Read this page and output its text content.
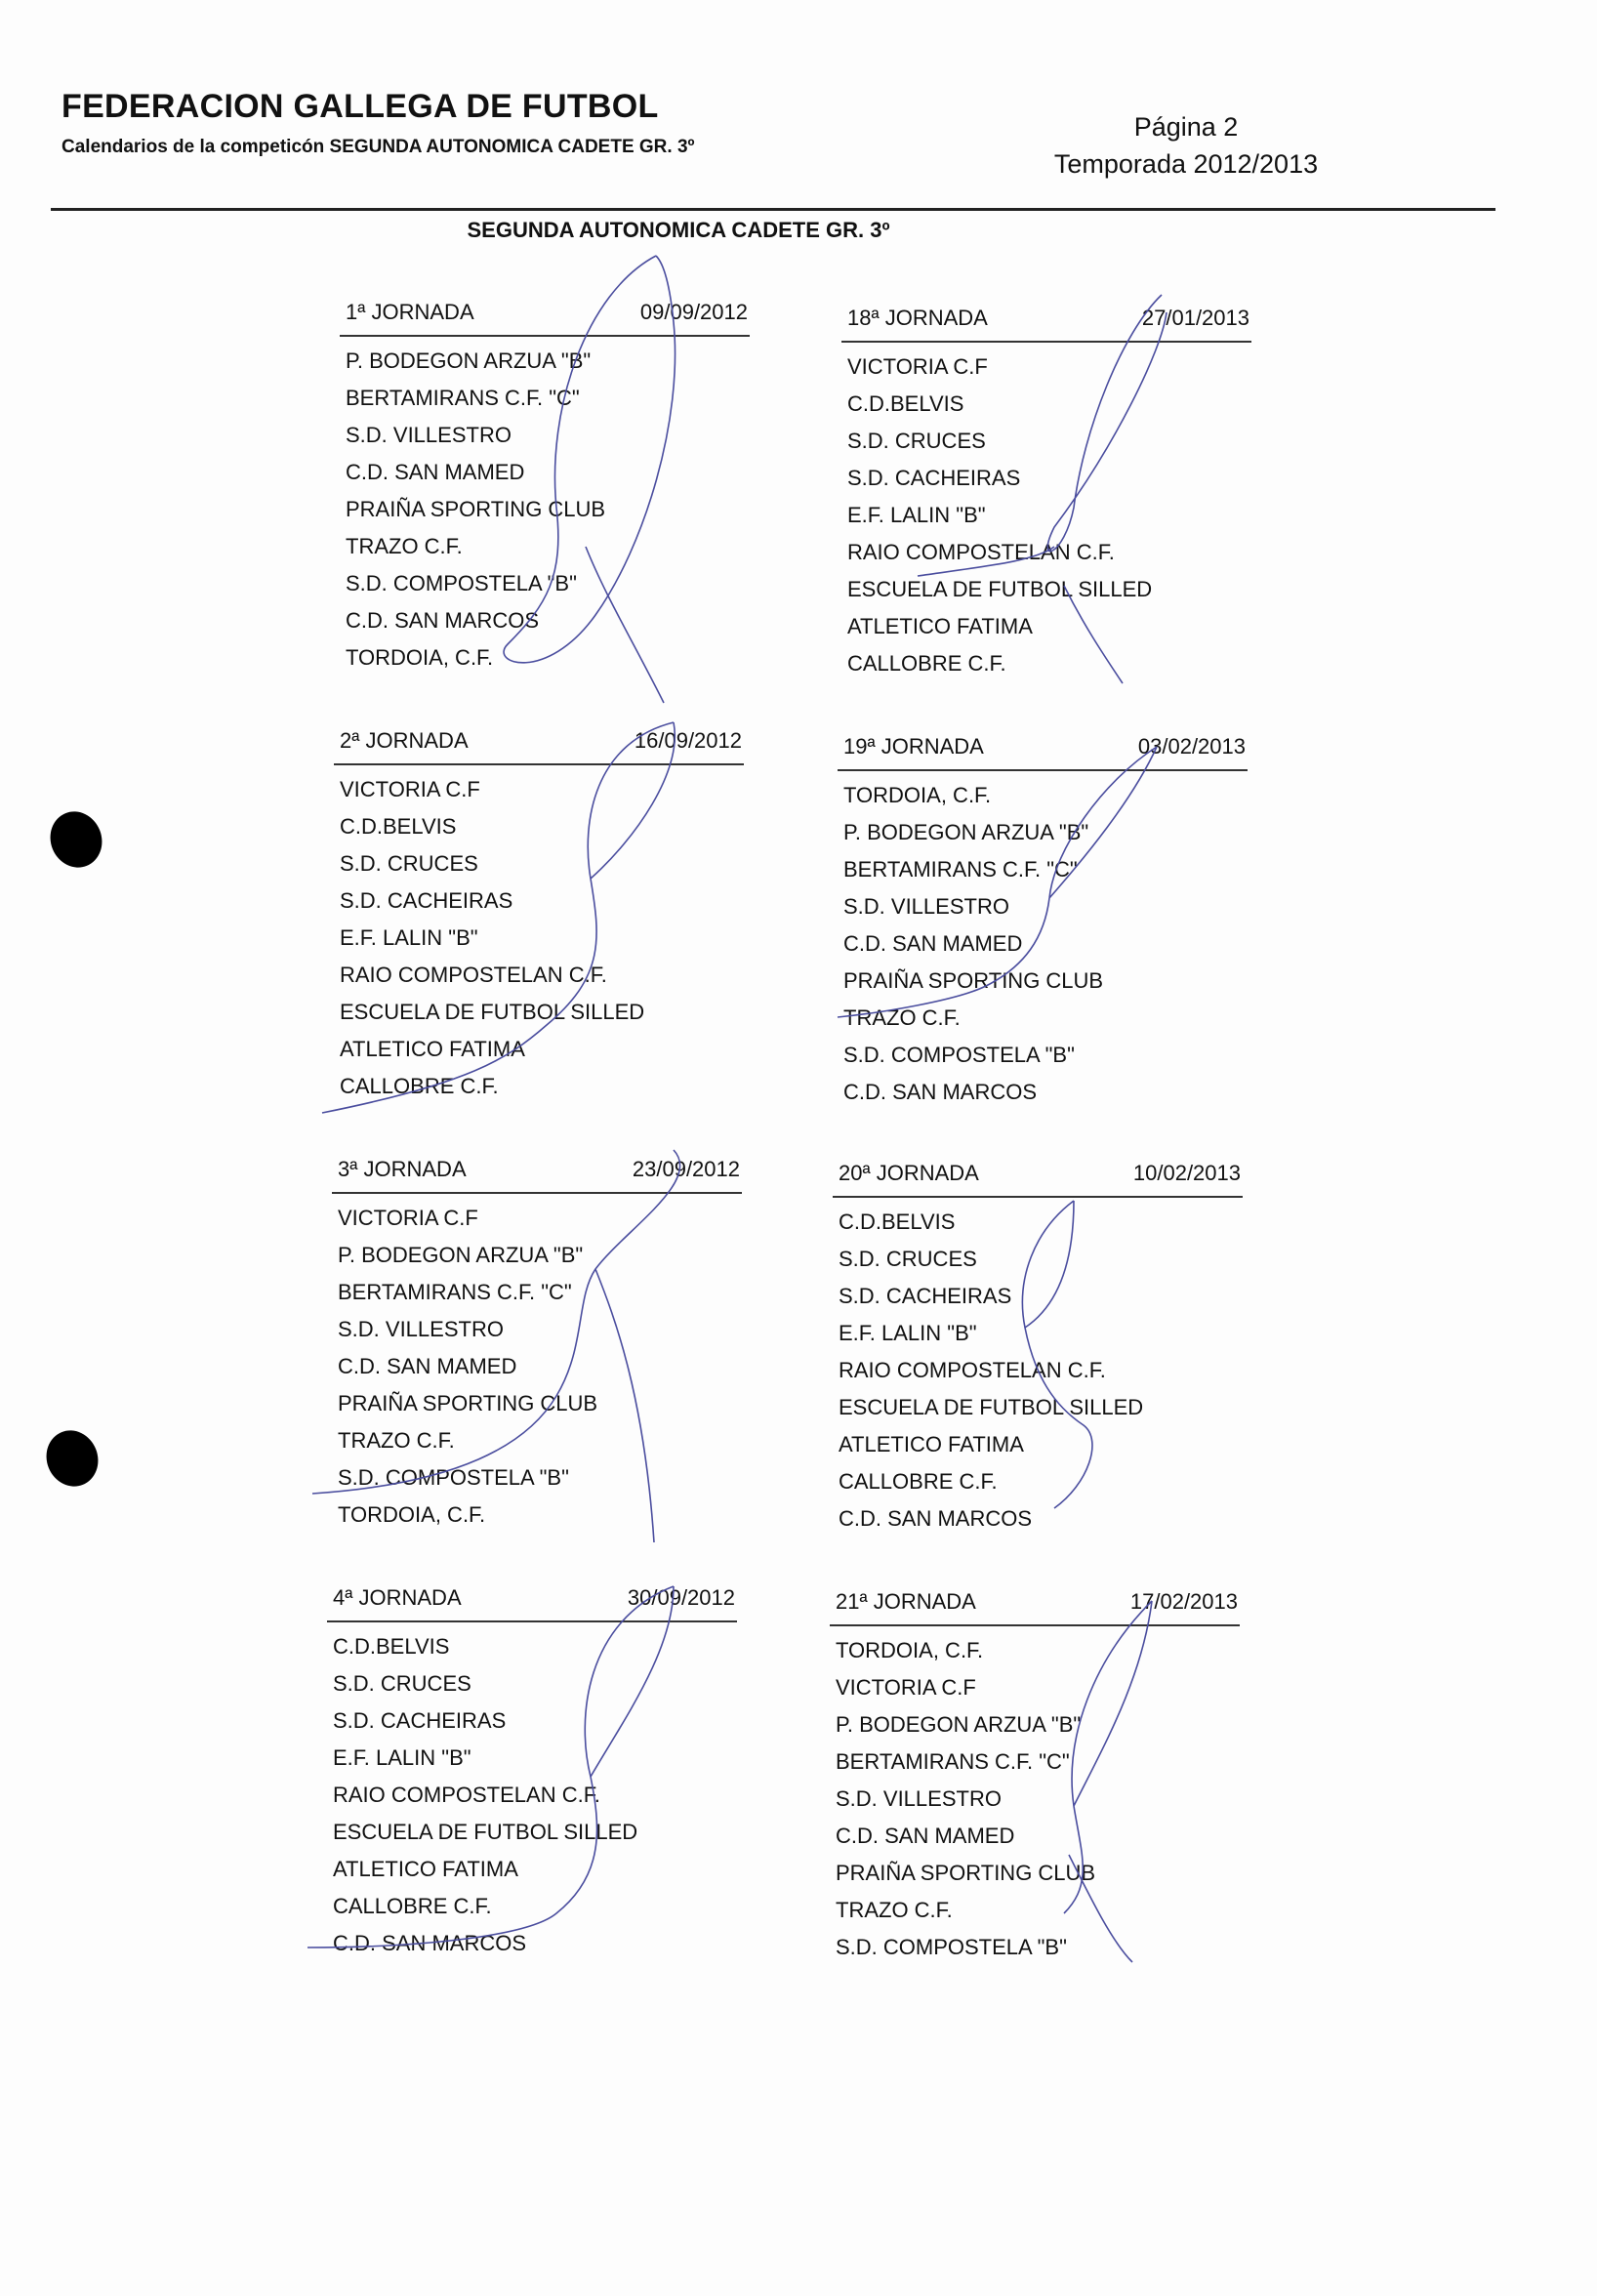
FEDERACION GALLEGA DE FUTBOL
Calendarios de la competicón SEGUNDA AUTONOMICA CADETE GR. 3º
Página 2
Temporada 2012/2013
SEGUNDA AUTONOMICA CADETE GR. 3º
1ª JORNADA	09/09/2012
P. BODEGON ARZUA "B"
BERTAMIRANS C.F. "C"
S.D. VILLESTRO
C.D. SAN MAMED
PRAIÑA SPORTING CLUB
TRAZO C.F.
S.D. COMPOSTELA "B"
C.D. SAN MARCOS
TORDOIA, C.F.
18ª JORNADA	27/01/2013
VICTORIA C.F
C.D.BELVIS
S.D. CRUCES
S.D. CACHEIRAS
E.F. LALIN "B"
RAIO COMPOSTELAN C.F.
ESCUELA DE FUTBOL SILLED
ATLETICO FATIMA
CALLOBRE C.F.
2ª JORNADA	16/09/2012
VICTORIA C.F
C.D.BELVIS
S.D. CRUCES
S.D. CACHEIRAS
E.F. LALIN "B"
RAIO COMPOSTELAN C.F.
ESCUELA DE FUTBOL SILLED
ATLETICO FATIMA
CALLOBRE C.F.
19ª JORNADA	03/02/2013
TORDOIA, C.F.
P. BODEGON ARZUA "B"
BERTAMIRANS C.F. "C"
S.D. VILLESTRO
C.D. SAN MAMED
PRAIÑA SPORTING CLUB
TRAZO C.F.
S.D. COMPOSTELA "B"
C.D. SAN MARCOS
3ª JORNADA	23/09/2012
VICTORIA C.F
P. BODEGON ARZUA "B"
BERTAMIRANS C.F. "C"
S.D. VILLESTRO
C.D. SAN MAMED
PRAIÑA SPORTING CLUB
TRAZO C.F.
S.D. COMPOSTELA "B"
TORDOIA, C.F.
20ª JORNADA	10/02/2013
C.D.BELVIS
S.D. CRUCES
S.D. CACHEIRAS
E.F. LALIN "B"
RAIO COMPOSTELAN C.F.
ESCUELA DE FUTBOL SILLED
ATLETICO FATIMA
CALLOBRE C.F.
C.D. SAN MARCOS
4ª JORNADA	30/09/2012
C.D.BELVIS
S.D. CRUCES
S.D. CACHEIRAS
E.F. LALIN "B"
RAIO COMPOSTELAN C.F.
ESCUELA DE FUTBOL SILLED
ATLETICO FATIMA
CALLOBRE C.F.
C.D. SAN MARCOS
21ª JORNADA	17/02/2013
TORDOIA, C.F.
VICTORIA C.F
P. BODEGON ARZUA "B"
BERTAMIRANS C.F. "C"
S.D. VILLESTRO
C.D. SAN MAMED
PRAIÑA SPORTING CLUB
TRAZO C.F.
S.D. COMPOSTELA "B"
